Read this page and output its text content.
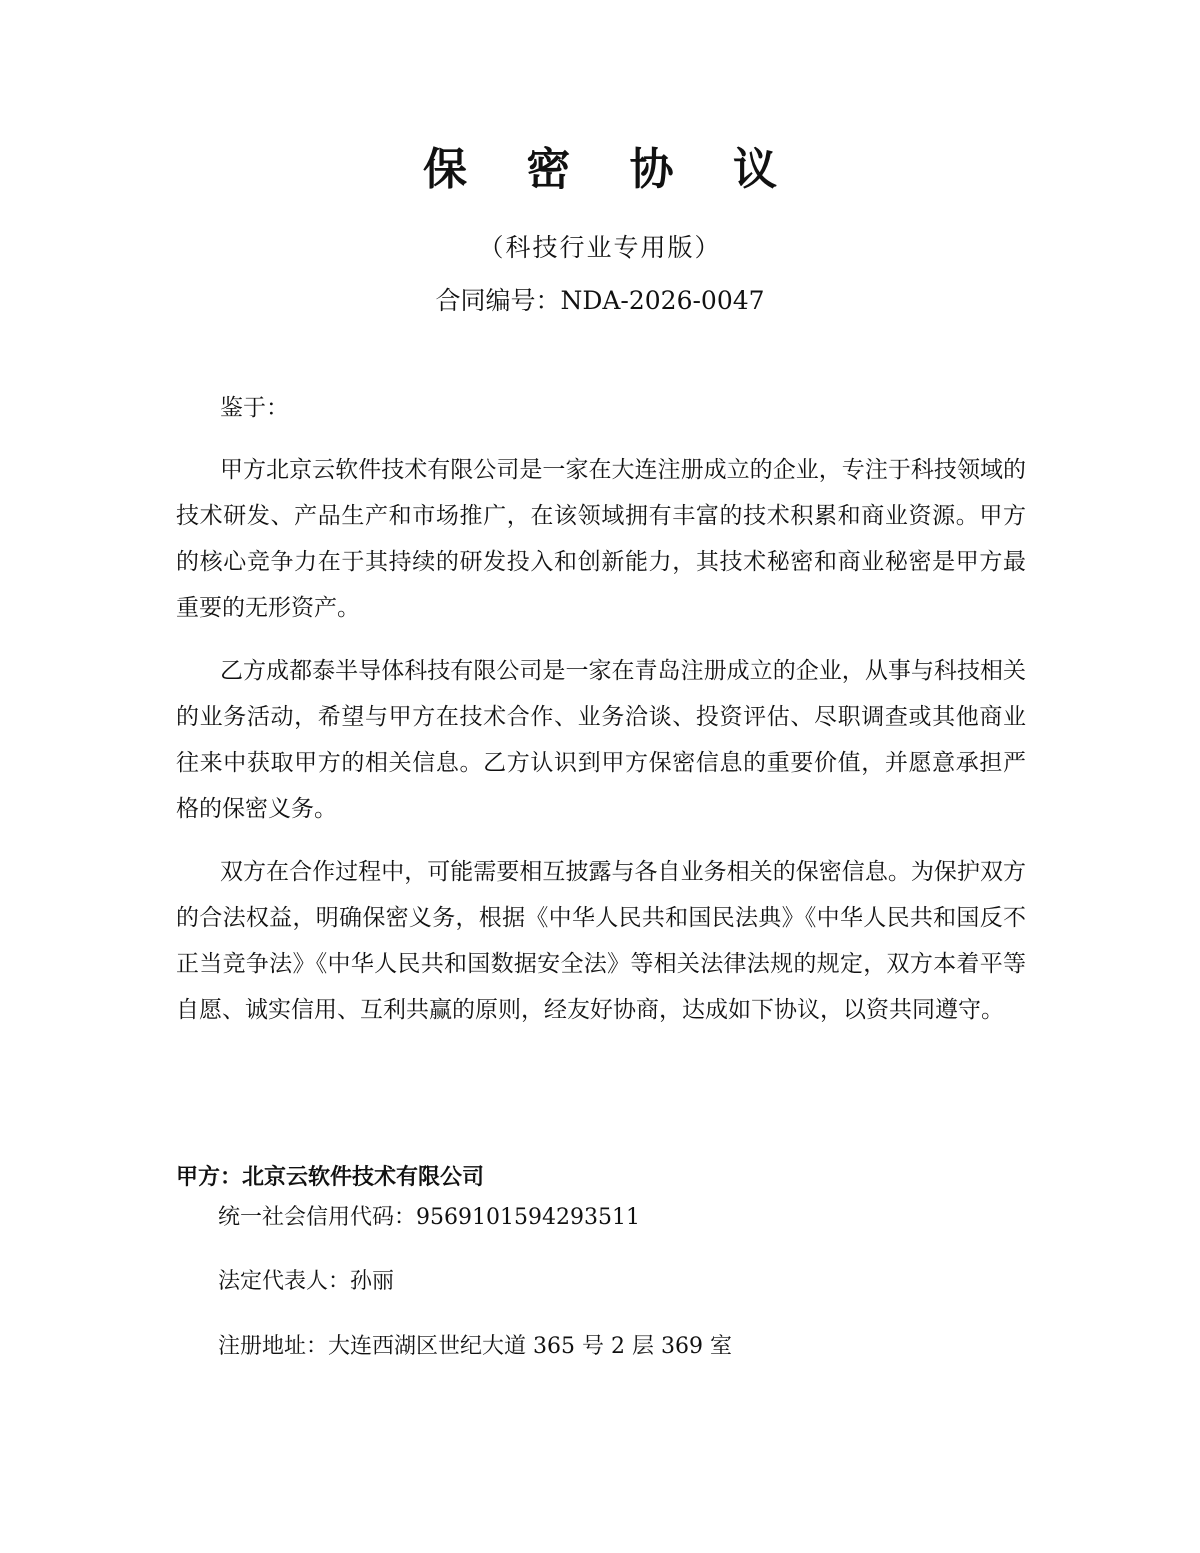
保 密 协 议
（科技行业专用版）
合同编号：NDA-2026-0047

鉴于：

甲方北京云软件技术有限公司是一家在大连注册成立的企业，专注于科技领域的技术研发、产品生产和市场推广，在该领域拥有丰富的技术积累和商业资源。甲方的核心竞争力在于其持续的研发投入和创新能力，其技术秘密和商业秘密是甲方最重要的无形资产。

乙方成都泰半导体科技有限公司是一家在青岛注册成立的企业，从事与科技相关的业务活动，希望与甲方在技术合作、业务洽谈、投资评估、尽职调查或其他商业往来中获取甲方的相关信息。乙方认识到甲方保密信息的重要价值，并愿意承担严格的保密义务。

双方在合作过程中，可能需要相互披露与各自业务相关的保密信息。为保护双方的合法权益，明确保密义务，根据《中华人民共和国民法典》《中华人民共和国反不正当竞争法》《中华人民共和国数据安全法》等相关法律法规的规定，双方本着平等自愿、诚实信用、互利共赢的原则，经友好协商，达成如下协议，以资共同遵守。

甲方：北京云软件技术有限公司
统一社会信用代码：9569101594293511
法定代表人：孙丽
注册地址：大连西湖区世纪大道 365 号 2 层 369 室
